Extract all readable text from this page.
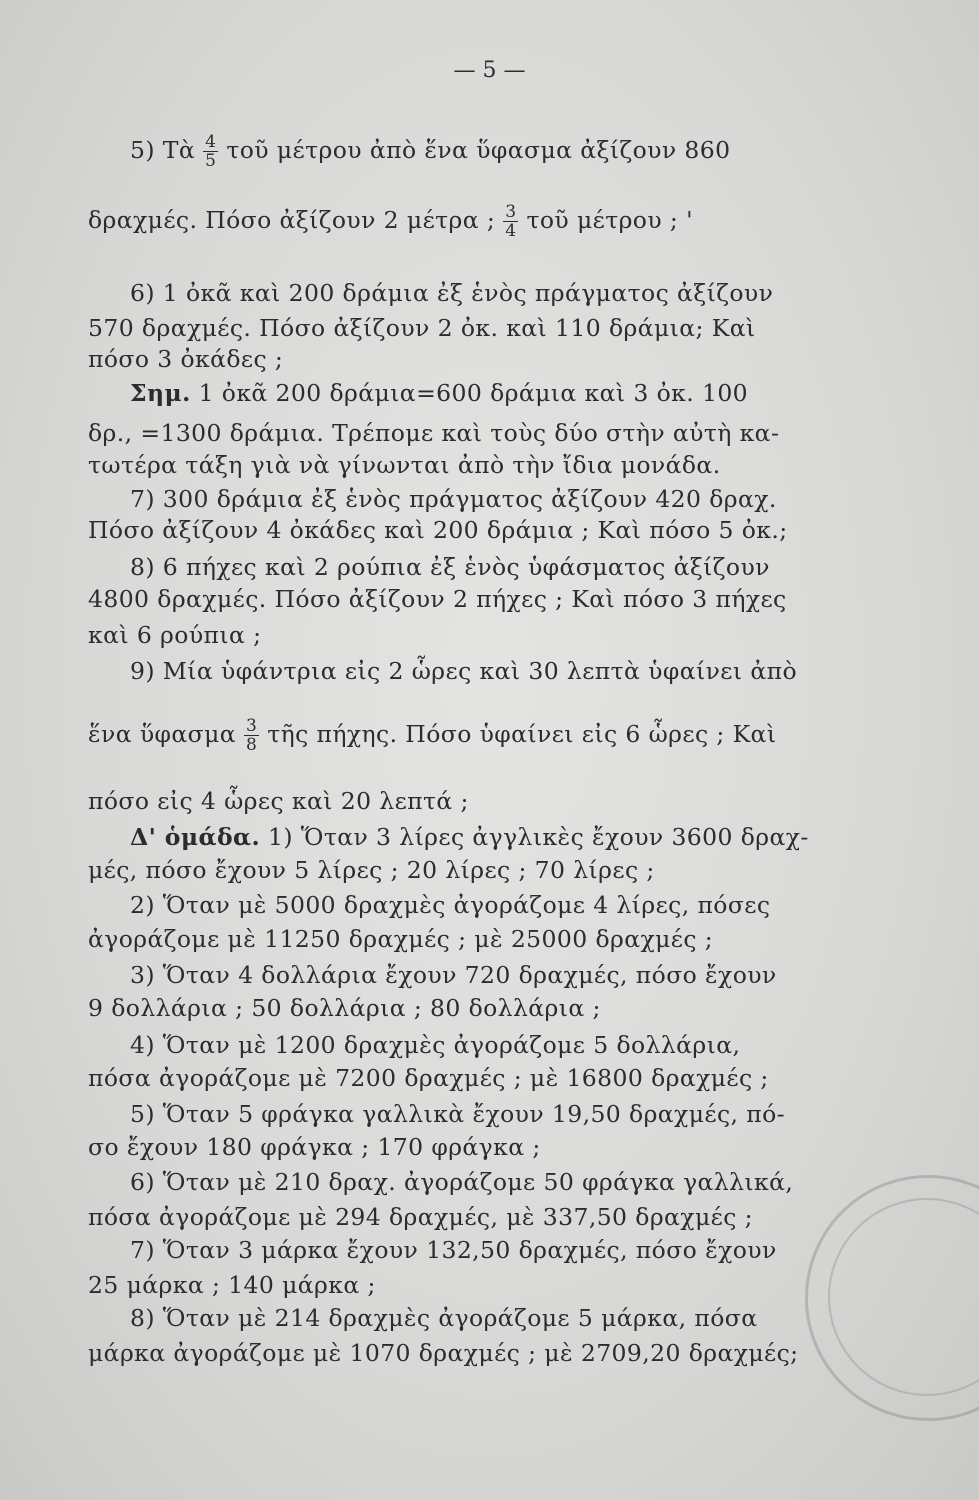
— 5 —
5) Τὰ $\frac{4}{5}$ τοῦ μέτρου ἀπὸ ἕνα ὕφασμα ἀξίζουν 860
δραχμές. Πόσο ἀξίζουν 2 μέτρα ; $\frac{3}{4}$ τοῦ μέτρου ; '
6) 1 ὀκᾶ καὶ 200 δράμια ἐξ ἑνὸς πράγματος ἀξίζουν
570 δραχμές. Πόσο ἀξίζουν 2 ὀκ. καὶ 110 δράμια; Καὶ
πόσο 3 ὀκάδες ;
Σημ. 1 ὀκᾶ 200 δράμια=600 δράμια καὶ 3 ὀκ. 100
δρ., =1300 δράμια. Τρέπομε καὶ τοὺς δύο στὴν αὐτὴ κα-
τωτέρα τάξη γιὰ νὰ γίνωνται ἀπὸ τὴν ἴδια μονάδα.
7) 300 δράμια ἐξ ἑνὸς πράγματος ἀξίζουν 420 δραχ.
Πόσο ἀξίζουν 4 ὀκάδες καὶ 200 δράμια ; Καὶ πόσο 5 ὀκ.;
8) 6 πήχες καὶ 2 ρούπια ἐξ ἑνὸς ὑφάσματος ἀξίζουν
4800 δραχμές. Πόσο ἀξίζουν 2 πήχες ; Καὶ πόσο 3 πήχες
καὶ 6 ρούπια ;
9) Μία ὑφάντρια εἰς 2 ὧρες καὶ 30 λεπτὰ ὑφαίνει ἀπὸ
ἕνα ὕφασμα $\frac{3}{8}$ τῆς πήχης. Πόσο ὑφαίνει εἰς 6 ὧρες ; Καὶ
πόσο εἰς 4 ὧρες καὶ 20 λεπτά ;
Δ' ὁμάδα. 1) Ὅταν 3 λίρες ἀγγλικὲς ἔχουν 3600 δραχ-
μές, πόσο ἔχουν 5 λίρες ; 20 λίρες ; 70 λίρες ;
2) Ὅταν μὲ 5000 δραχμὲς ἀγοράζομε 4 λίρες, πόσες
ἀγοράζομε μὲ 11250 δραχμές ; μὲ 25000 δραχμές ;
3) Ὅταν 4 δολλάρια ἔχουν 720 δραχμές, πόσο ἔχουν
9 δολλάρια ; 50 δολλάρια ; 80 δολλάρια ;
4) Ὅταν μὲ 1200 δραχμὲς ἀγοράζομε 5 δολλάρια,
πόσα ἀγοράζομε μὲ 7200 δραχμές ; μὲ 16800 δραχμές ;
5) Ὅταν 5 φράγκα γαλλικὰ ἔχουν 19,50 δραχμές, πό-
σο ἔχουν 180 φράγκα ; 170 φράγκα ;
6) Ὅταν μὲ 210 δραχ. ἀγοράζομε 50 φράγκα γαλλικά,
πόσα ἀγοράζομε μὲ 294 δραχμές, μὲ 337,50 δραχμές ;
7) Ὅταν 3 μάρκα ἔχουν 132,50 δραχμές, πόσο ἔχουν
25 μάρκα ; 140 μάρκα ;
8) Ὅταν μὲ 214 δραχμὲς ἀγοράζομε 5 μάρκα, πόσα
μάρκα ἀγοράζομε μὲ 1070 δραχμές ; μὲ 2709,20 δραχμές;
